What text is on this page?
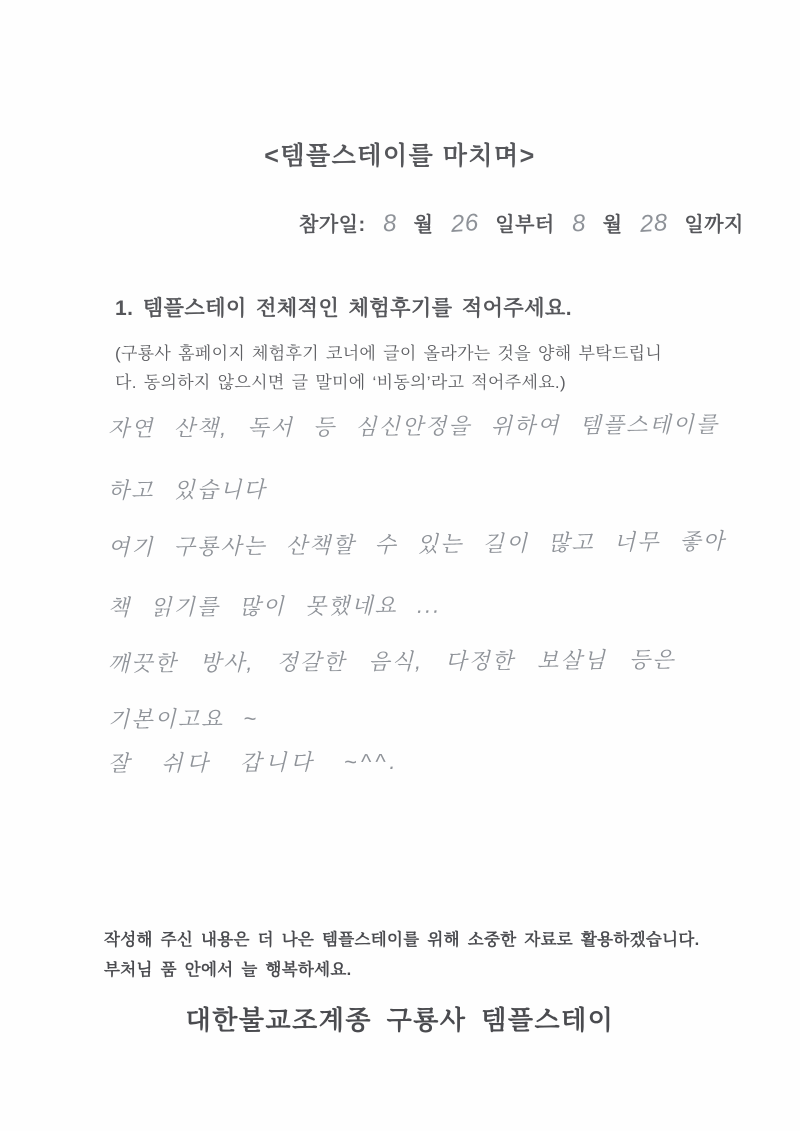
<템플스테이를 마치며>
참가일: 8 월 26 일부터 8 월 28 일까지
1. 템플스테이 전체적인 체험후기를 적어주세요.
(구룡사 홈페이지 체험후기 코너에 글이 올라가는 것을 양해 부탁드립니
다. 동의하지 않으시면 글 말미에 ‘비동의’라고 적어주세요.)
자연 산책, 독서 등 심신안정을 위하여 템플스테이를
하고 있습니다
여기 구룡사는 산책할 수 있는 길이 많고 너무 좋아
책 읽기를 많이 못했네요 ...
깨끗한 방사, 정갈한 음식, 다정한 보살님 등은
기본이고요 ~
잘 쉬다 갑니다 ~^^.
작성해 주신 내용은 더 나은 템플스테이를 위해 소중한 자료로 활용하겠습니다.
부처님 품 안에서 늘 행복하세요.
대한불교조계종 구룡사 템플스테이
